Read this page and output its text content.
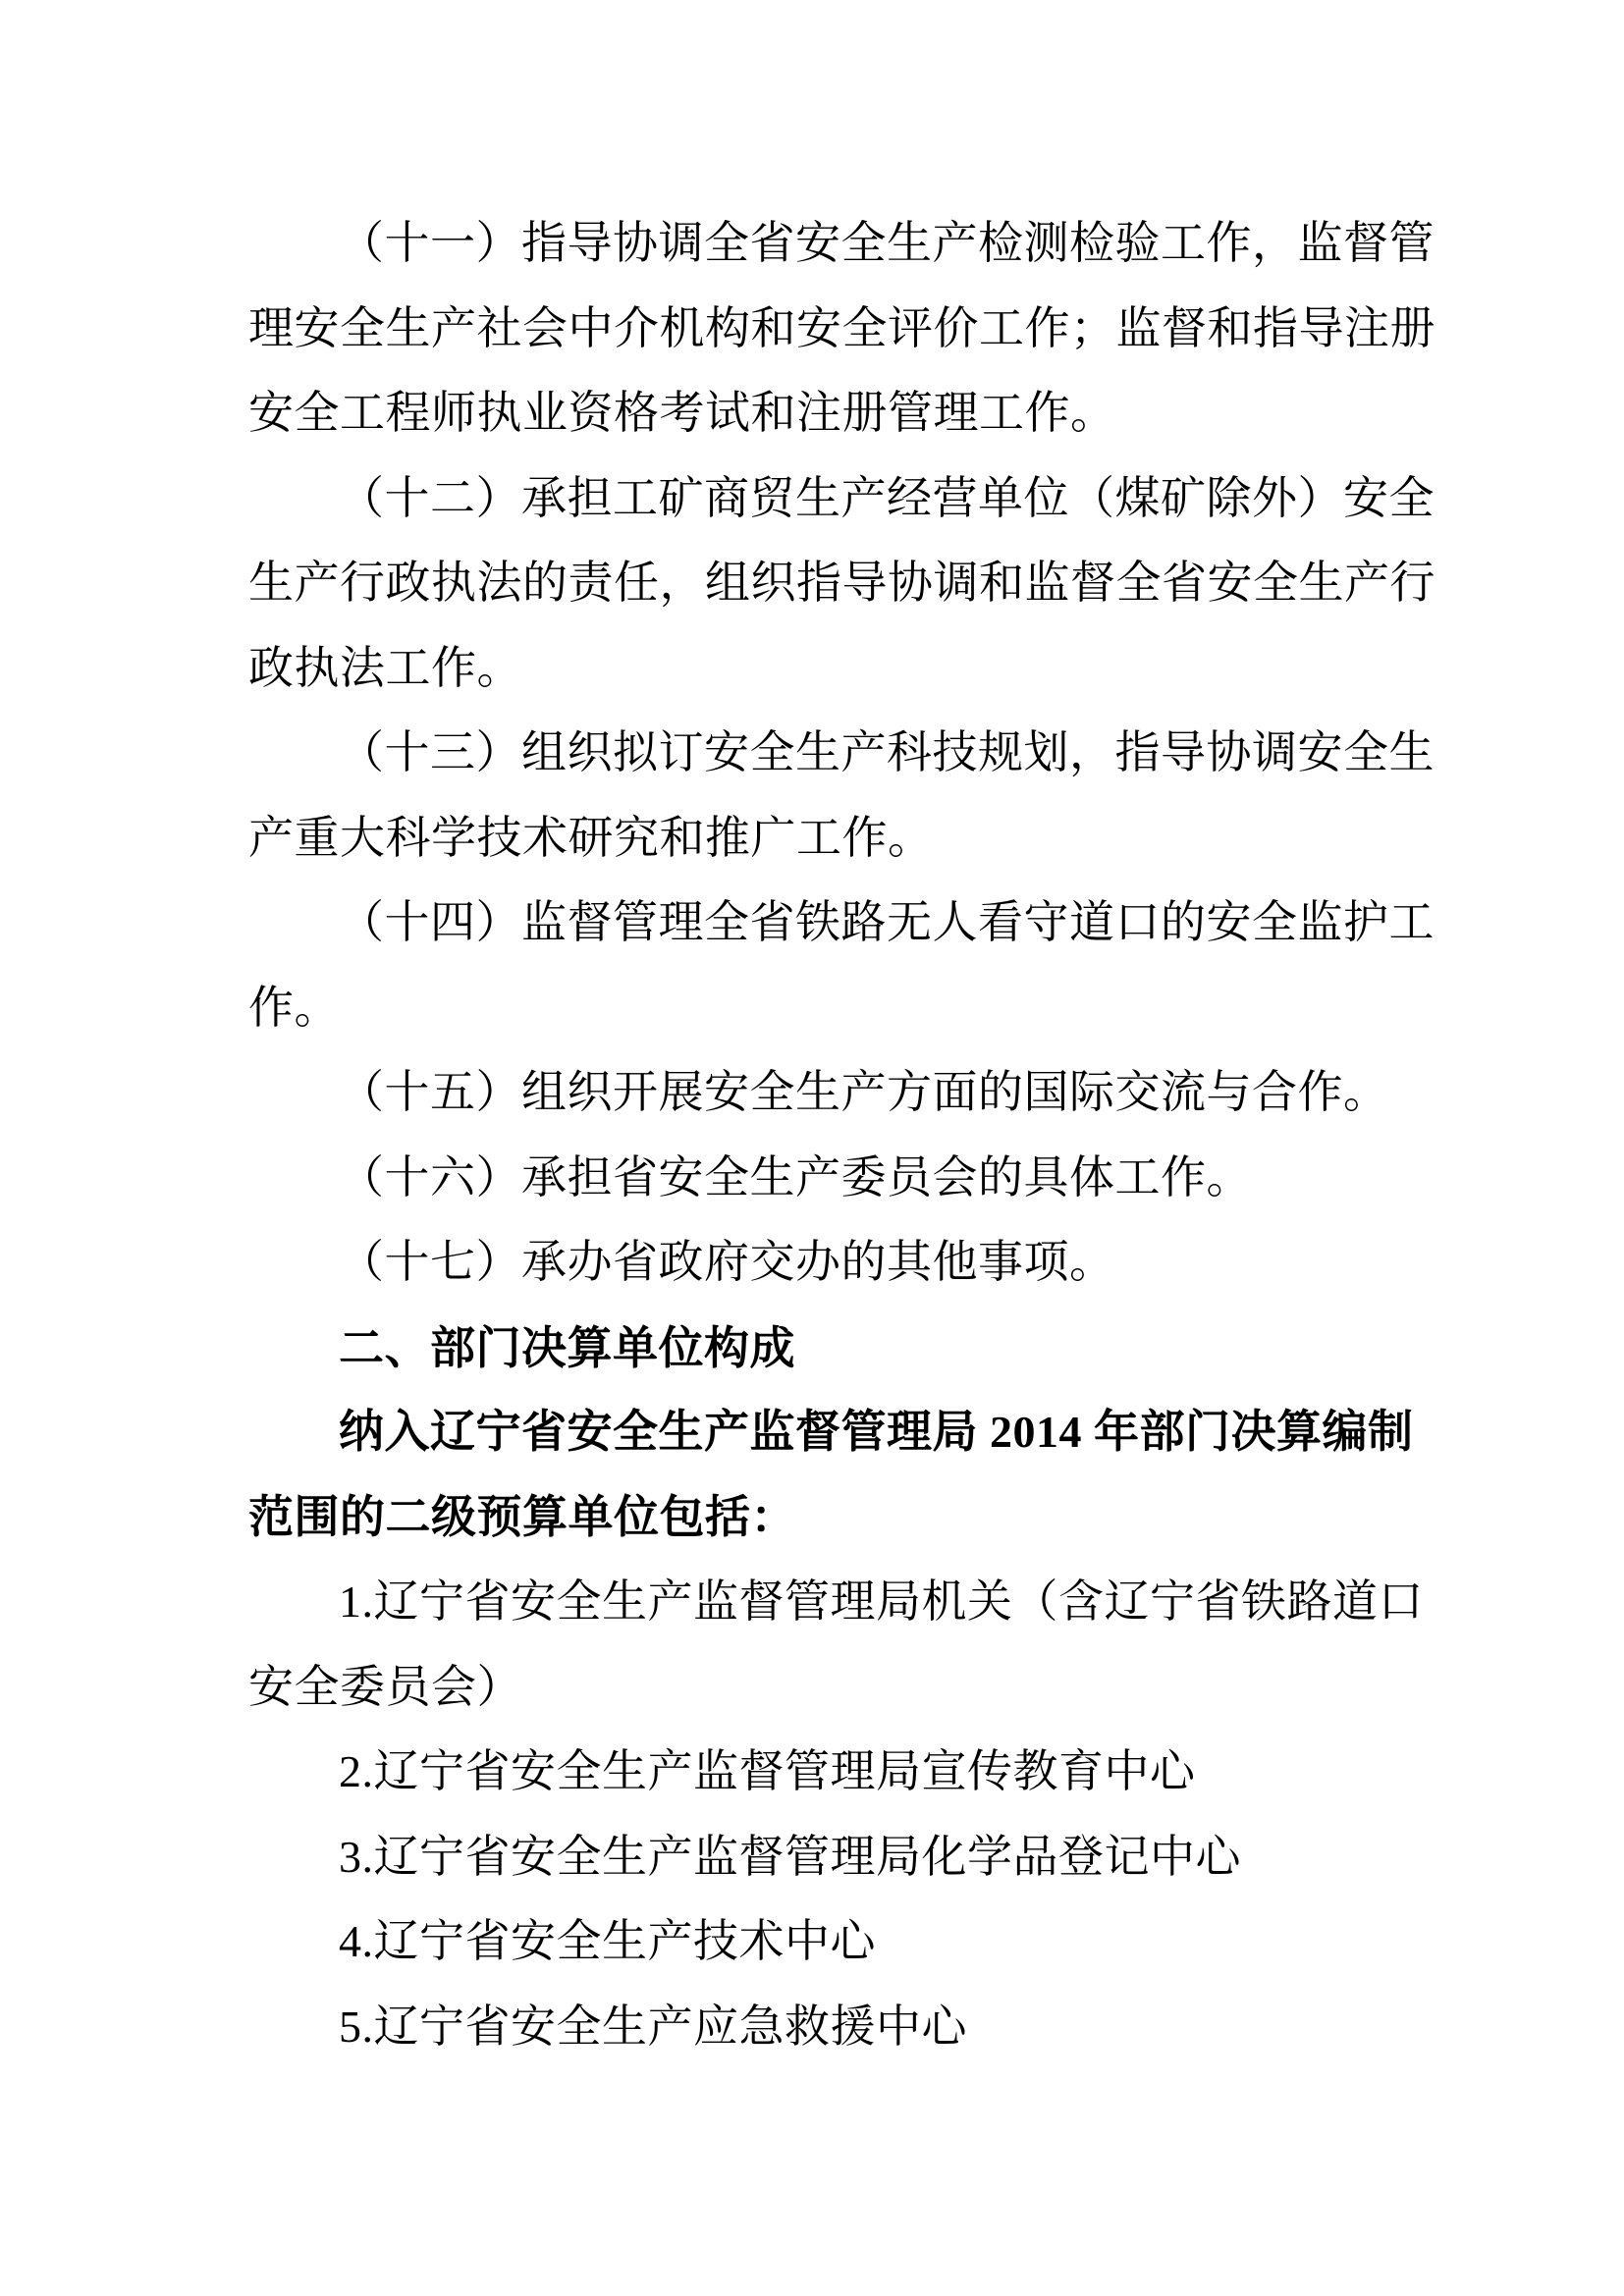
（十一）指导协调全省安全生产检测检验工作，监督管
理安全生产社会中介机构和安全评价工作；监督和指导注册
安全工程师执业资格考试和注册管理工作。
（十二）承担工矿商贸生产经营单位（煤矿除外）安全
生产行政执法的责任，组织指导协调和监督全省安全生产行
政执法工作。
（十三）组织拟订安全生产科技规划，指导协调安全生
产重大科学技术研究和推广工作。
（十四）监督管理全省铁路无人看守道口的安全监护工
作。
（十五）组织开展安全生产方面的国际交流与合作。
（十六）承担省安全生产委员会的具体工作。
（十七）承办省政府交办的其他事项。
二、部门决算单位构成
纳入辽宁省安全生产监督管理局 2014 年部门决算编制
范围的二级预算单位包括：
1.辽宁省安全生产监督管理局机关（含辽宁省铁路道口
安全委员会）
2.辽宁省安全生产监督管理局宣传教育中心
3.辽宁省安全生产监督管理局化学品登记中心
4.辽宁省安全生产技术中心
5.辽宁省安全生产应急救援中心
